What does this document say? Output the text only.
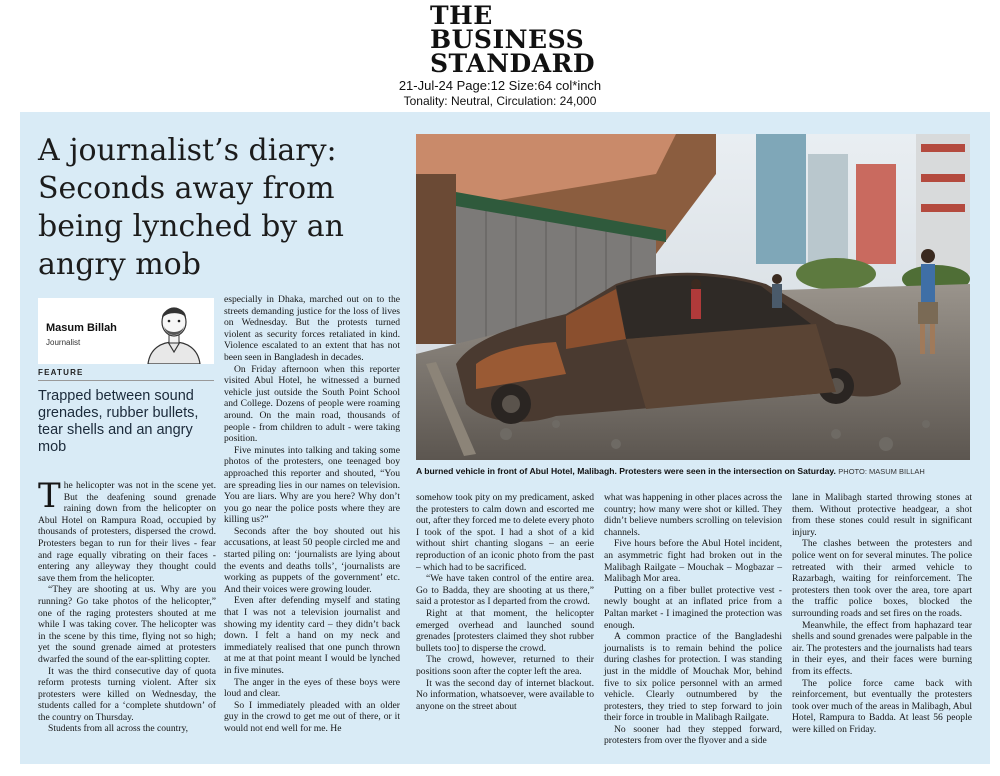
THE
BUSINESS
STANDARD
21-Jul-24 Page:12 Size:64 col*inch
Tonality: Neutral, Circulation: 24,000
A journalist’s diary: Seconds away from being lynched by an angry mob
Masum Billah
Journalist
FEATURE
Trapped between sound grenades, rubber bullets, tear shells and an angry mob
A burned vehicle in front of Abul Hotel, Malibagh. Protesters were seen in the intersection on Saturday. PHOTO: MASUM BILLAH

The helicopter was not in the scene yet. But the deafening sound grenade raining down from the helicopter on Abul Hotel on Rampura Road, occupied by thousands of protesters, dispersed the crowd. Protesters began to run for their lives - fear and rage equally vibrating on their faces - entering any alleyway they thought could save them from the helicopter.

“They are shooting at us. Why are you running? Go take photos of the helicopter,” one of the raging protesters shouted at me while I was taking cover. The helicopter was in the scene by this time, flying not so high; yet the sound grenade aimed at protesters dwarfed the sound of the ear-splitting copter.

It was the third consecutive day of quota reform protests turning violent. After six protesters were killed on Wednesday, the students called for a ‘complete shutdown’ of the country on Thursday.

Students from all across the country,

especially in Dhaka, marched out on to the streets demanding justice for the loss of lives on Wednesday. But the protests turned violent as security forces retaliated in kind. Violence escalated to an extent that has not been seen in Bangladesh in decades.

On Friday afternoon when this reporter visited Abul Hotel, he witnessed a burned vehicle just outside the South Point School and College. Dozens of people were roaming around. On the main road, thousands of people - from children to adult - were taking position.

Five minutes into talking and taking some photos of the protesters, one teenaged boy approached this reporter and shouted, “You are spreading lies in our names on television. You are liars. Why are you here? Why don’t you go near the police posts where they are killing us?”

Seconds after the boy shouted out his accusations, at least 50 people circled me and started piling on: ‘journalists are lying about the events and deaths tolls’, ‘journalists are working as puppets of the government’ etc. And their voices were growing louder.

Even after defending myself and stating that I was not a television journalist and showing my identity card – they didn’t back down. I felt a hand on my neck and immediately realised that one punch thrown at me at that point meant I would be lynched in five minutes.

The anger in the eyes of these boys were loud and clear.

So I immediately pleaded with an older guy in the crowd to get me out of there, or it would not end well for me. He

somehow took pity on my predicament, asked the protesters to calm down and escorted me out, after they forced me to delete every photo I took of the spot. I had a shot of a kid without shirt chanting slogans – an eerie reproduction of an iconic photo from the past – which had to be sacrificed.

“We have taken control of the entire area. Go to Badda, they are shooting at us there,” said a protestor as I departed from the crowd.

Right at that moment, the helicopter emerged overhead and launched sound grenades [protesters claimed they shot rubber bullets too] to disperse the crowd.

The crowd, however, returned to their positions soon after the copter left the area.

It was the second day of internet blackout. No information, whatsoever, were available to anyone on the street about

what was happening in other places across the country; how many were shot or killed. They didn’t believe numbers scrolling on television channels.

Five hours before the Abul Hotel incident, an asymmetric fight had broken out in the Malibagh Railgate – Mouchak – Mogbazar – Malibagh Mor area.

Putting on a fiber bullet protective vest - newly bought at an inflated price from a Paltan market - I imagined the protection was enough.

A common practice of the Bangladeshi journalists is to remain behind the police during clashes for protection. I was standing just in the middle of Mouchak Mor, behind five to six police personnel with an armed vehicle. Clearly outnumbered by the protesters, they tried to step forward to join their force in trouble in Malibagh Railgate.

No sooner had they stepped forward, protesters from over the flyover and a side

lane in Malibagh started throwing stones at them. Without protective headgear, a shot from these stones could result in significant injury.

The clashes between the protesters and police went on for several minutes. The police retreated with their armed vehicle to Razarbagh, waiting for reinforcement. The protesters then took over the area, tore apart the traffic police boxes, blocked the surrounding roads and set fires on the roads.

Meanwhile, the effect from haphazard tear shells and sound grenades were palpable in the air. The protesters and the journalists had tears in their eyes, and their faces were burning from its effects.

The police force came back with reinforcement, but eventually the protesters took over much of the areas in Malibagh, Abul Hotel, Rampura to Badda. At least 56 people were killed on Friday.
